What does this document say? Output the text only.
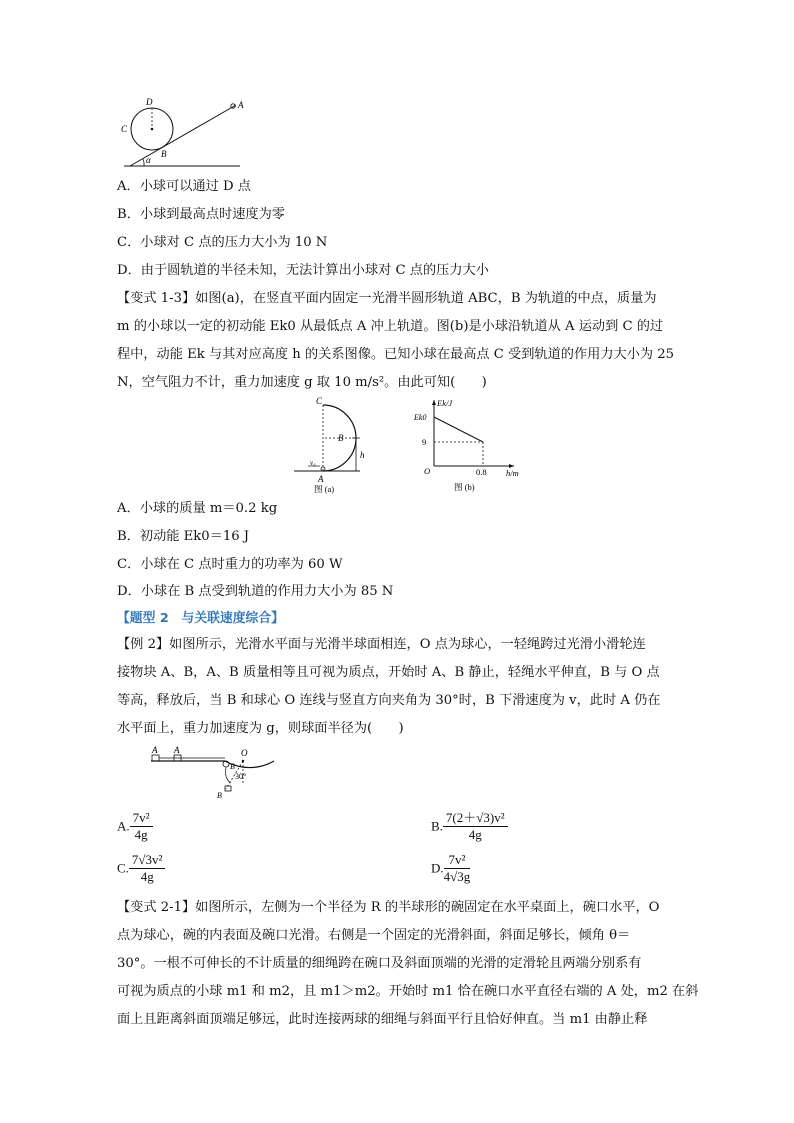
D	A
C
B
α
A．小球可以通过 D 点
B．小球到最高点时速度为零
C．小球对 C 点的压力大小为 10 N
D．由于圆轨道的半径未知，无法计算出小球对 C 点的压力大小
【变式 1-3】如图(a)，在竖直平面内固定一光滑半圆形轨道 ABC，B 为轨道的中点，质量为
m 的小球以一定的初动能 Ek0 从最低点 A 冲上轨道。图(b)是小球沿轨道从 A 运动到 C 的过
程中，动能 Ek 与其对应高度 h 的关系图像。已知小球在最高点 C 受到轨道的作用力大小为 25
N，空气阻力不计，重力加速度 g 取 10 m/s²。由此可知(　　)
C
B
h
A
v₀
图 (a)
Ek/J
Ek0
9
O	0.8 h/m
图 (b)
A．小球的质量 m＝0.2 kg
B．初动能 Ek0＝16 J
C．小球在 C 点时重力的功率为 60 W
D．小球在 B 点受到轨道的作用力大小为 85 N
【题型 2　与关联速度综合】
【例 2】如图所示，光滑水平面与光滑半球面相连，O 点为球心，一轻绳跨过光滑小滑轮连
接物块 A、B，A、B 质量相等且可视为质点，开始时 A、B 静止，轻绳水平伸直，B 与 O 点
等高，释放后，当 B 和球心 O 连线与竖直方向夹角为 30°时，B 下滑速度为 v，此时 A 仍在
水平面上，重力加速度为 g，则球面半径为(　　)
A A	O
B
30°
B
A. $\frac{\text{7v²}}{4g}$	B. $\frac{\text{7(2＋√3)v²}}{4g}$
C. $\frac{\text{7√3v²}}{4g}$	D. $\frac{\text{7v²}}{4√3g}$
【变式 2-1】如图所示，左侧为一个半径为 R 的半球形的碗固定在水平桌面上，碗口水平，O
点为球心，碗的内表面及碗口光滑。右侧是一个固定的光滑斜面，斜面足够长，倾角 θ＝
30°。一根不可伸长的不计质量的细绳跨在碗口及斜面顶端的光滑的定滑轮且两端分别系有
可视为质点的小球 m1 和 m2，且 m1＞m2。开始时 m1 恰在碗口水平直径右端的 A 处，m2 在斜
面上且距离斜面顶端足够远，此时连接两球的细绳与斜面平行且恰好伸直。当 m1 由静止释
